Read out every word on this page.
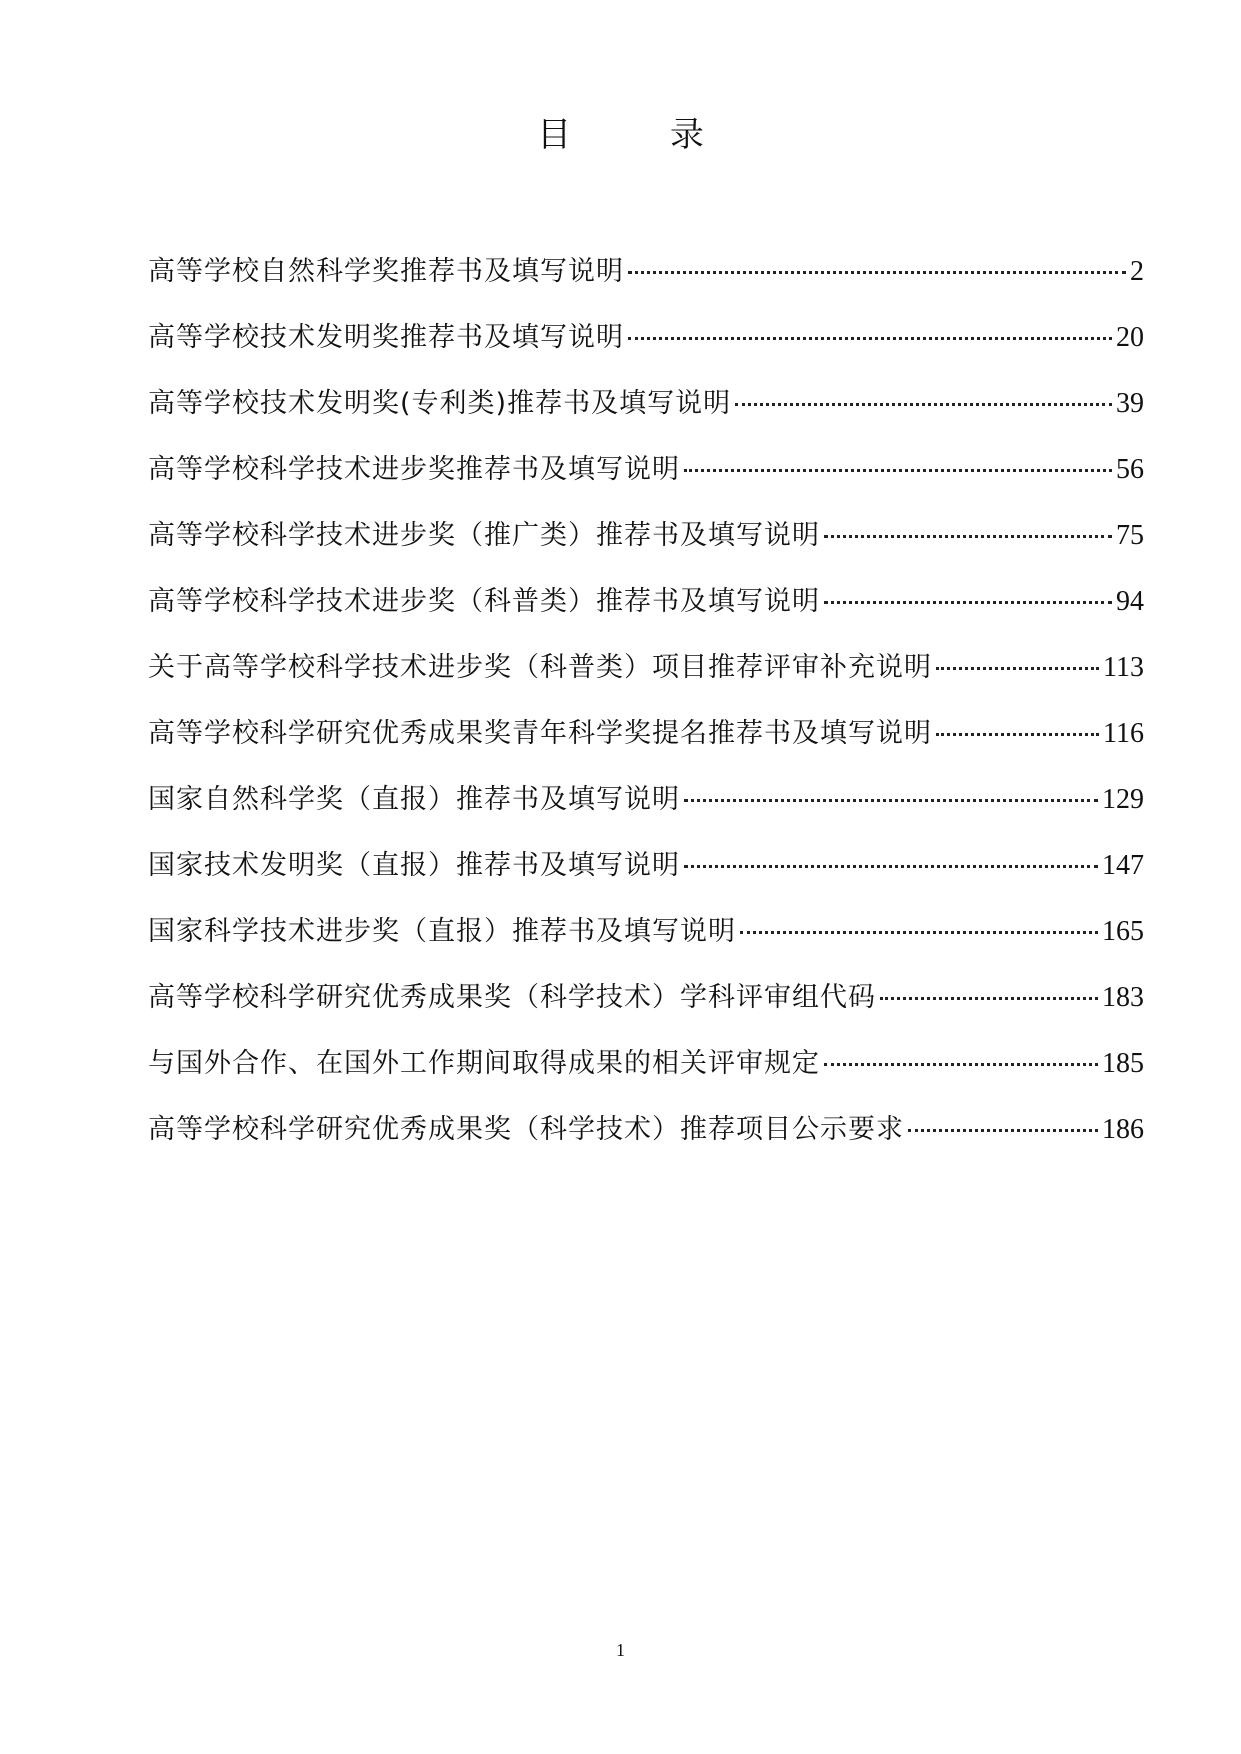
目 录
高等学校自然科学奖推荐书及填写说明	2
高等学校技术发明奖推荐书及填写说明	20
高等学校技术发明奖(专利类)推荐书及填写说明	39
高等学校科学技术进步奖推荐书及填写说明	56
高等学校科学技术进步奖（推广类）推荐书及填写说明	75
高等学校科学技术进步奖（科普类）推荐书及填写说明	94
关于高等学校科学技术进步奖（科普类）项目推荐评审补充说明	113
高等学校科学研究优秀成果奖青年科学奖提名推荐书及填写说明	116
国家自然科学奖（直报）推荐书及填写说明	129
国家技术发明奖（直报）推荐书及填写说明	147
国家科学技术进步奖（直报）推荐书及填写说明	165
高等学校科学研究优秀成果奖（科学技术）学科评审组代码	183
与国外合作、在国外工作期间取得成果的相关评审规定	185
高等学校科学研究优秀成果奖（科学技术）推荐项目公示要求	186
1
